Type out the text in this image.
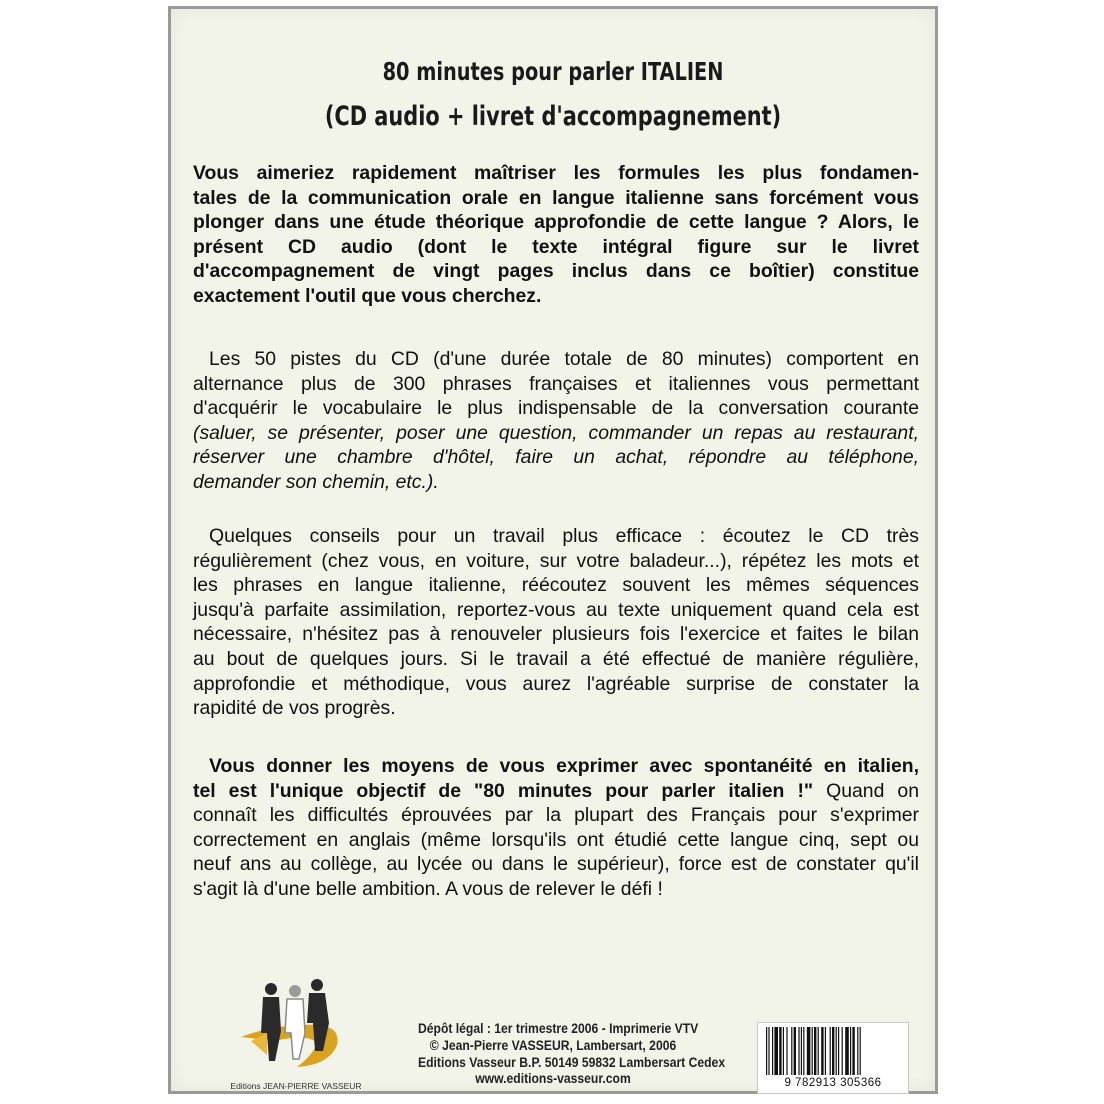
80 minutes pour parler ITALIEN
(CD audio + livret d'accompagnement)

Vous aimeriez rapidement maîtriser les formules les plus fondamen-
tales de la communication orale en langue italienne sans forcément vous
plonger dans une étude théorique approfondie de cette langue ? Alors, le
présent CD audio (dont le texte intégral figure sur le livret
d'accompagnement de vingt pages inclus dans ce boîtier) constitue
exactement l'outil que vous cherchez.

Les 50 pistes du CD (d'une durée totale de 80 minutes) comportent en
alternance plus de 300 phrases françaises et italiennes vous permettant
d'acquérir le vocabulaire le plus indispensable de la conversation courante
(saluer, se présenter, poser une question, commander un repas au restaurant,
réserver une chambre d'hôtel, faire un achat, répondre au téléphone,
demander son chemin, etc.).

Quelques conseils pour un travail plus efficace : écoutez le CD très
régulièrement (chez vous, en voiture, sur votre baladeur...), répétez les mots et
les phrases en langue italienne, réécoutez souvent les mêmes séquences
jusqu'à parfaite assimilation, reportez-vous au texte uniquement quand cela est
nécessaire, n'hésitez pas à renouveler plusieurs fois l'exercice et faites le bilan
au bout de quelques jours. Si le travail a été effectué de manière régulière,
approfondie et méthodique, vous aurez l'agréable surprise de constater la
rapidité de vos progrès.

Vous donner les moyens de vous exprimer avec spontanéité en italien,
tel est l'unique objectif de "80 minutes pour parler italien !" Quand on
connaît les difficultés éprouvées par la plupart des Français pour s'exprimer
correctement en anglais (même lorsqu'ils ont étudié cette langue cinq, sept ou
neuf ans au collège, au lycée ou dans le supérieur), force est de constater qu'il
s'agit là d'une belle ambition. A vous de relever le défi !

Editions JEAN-PIERRE VASSEUR
Dépôt légal : 1er trimestre 2006 - Imprimerie VTV
© Jean-Pierre VASSEUR, Lambersart, 2006
Editions Vasseur B.P. 50149 59832 Lambersart Cedex
www.editions-vasseur.com	9 782913 305366
